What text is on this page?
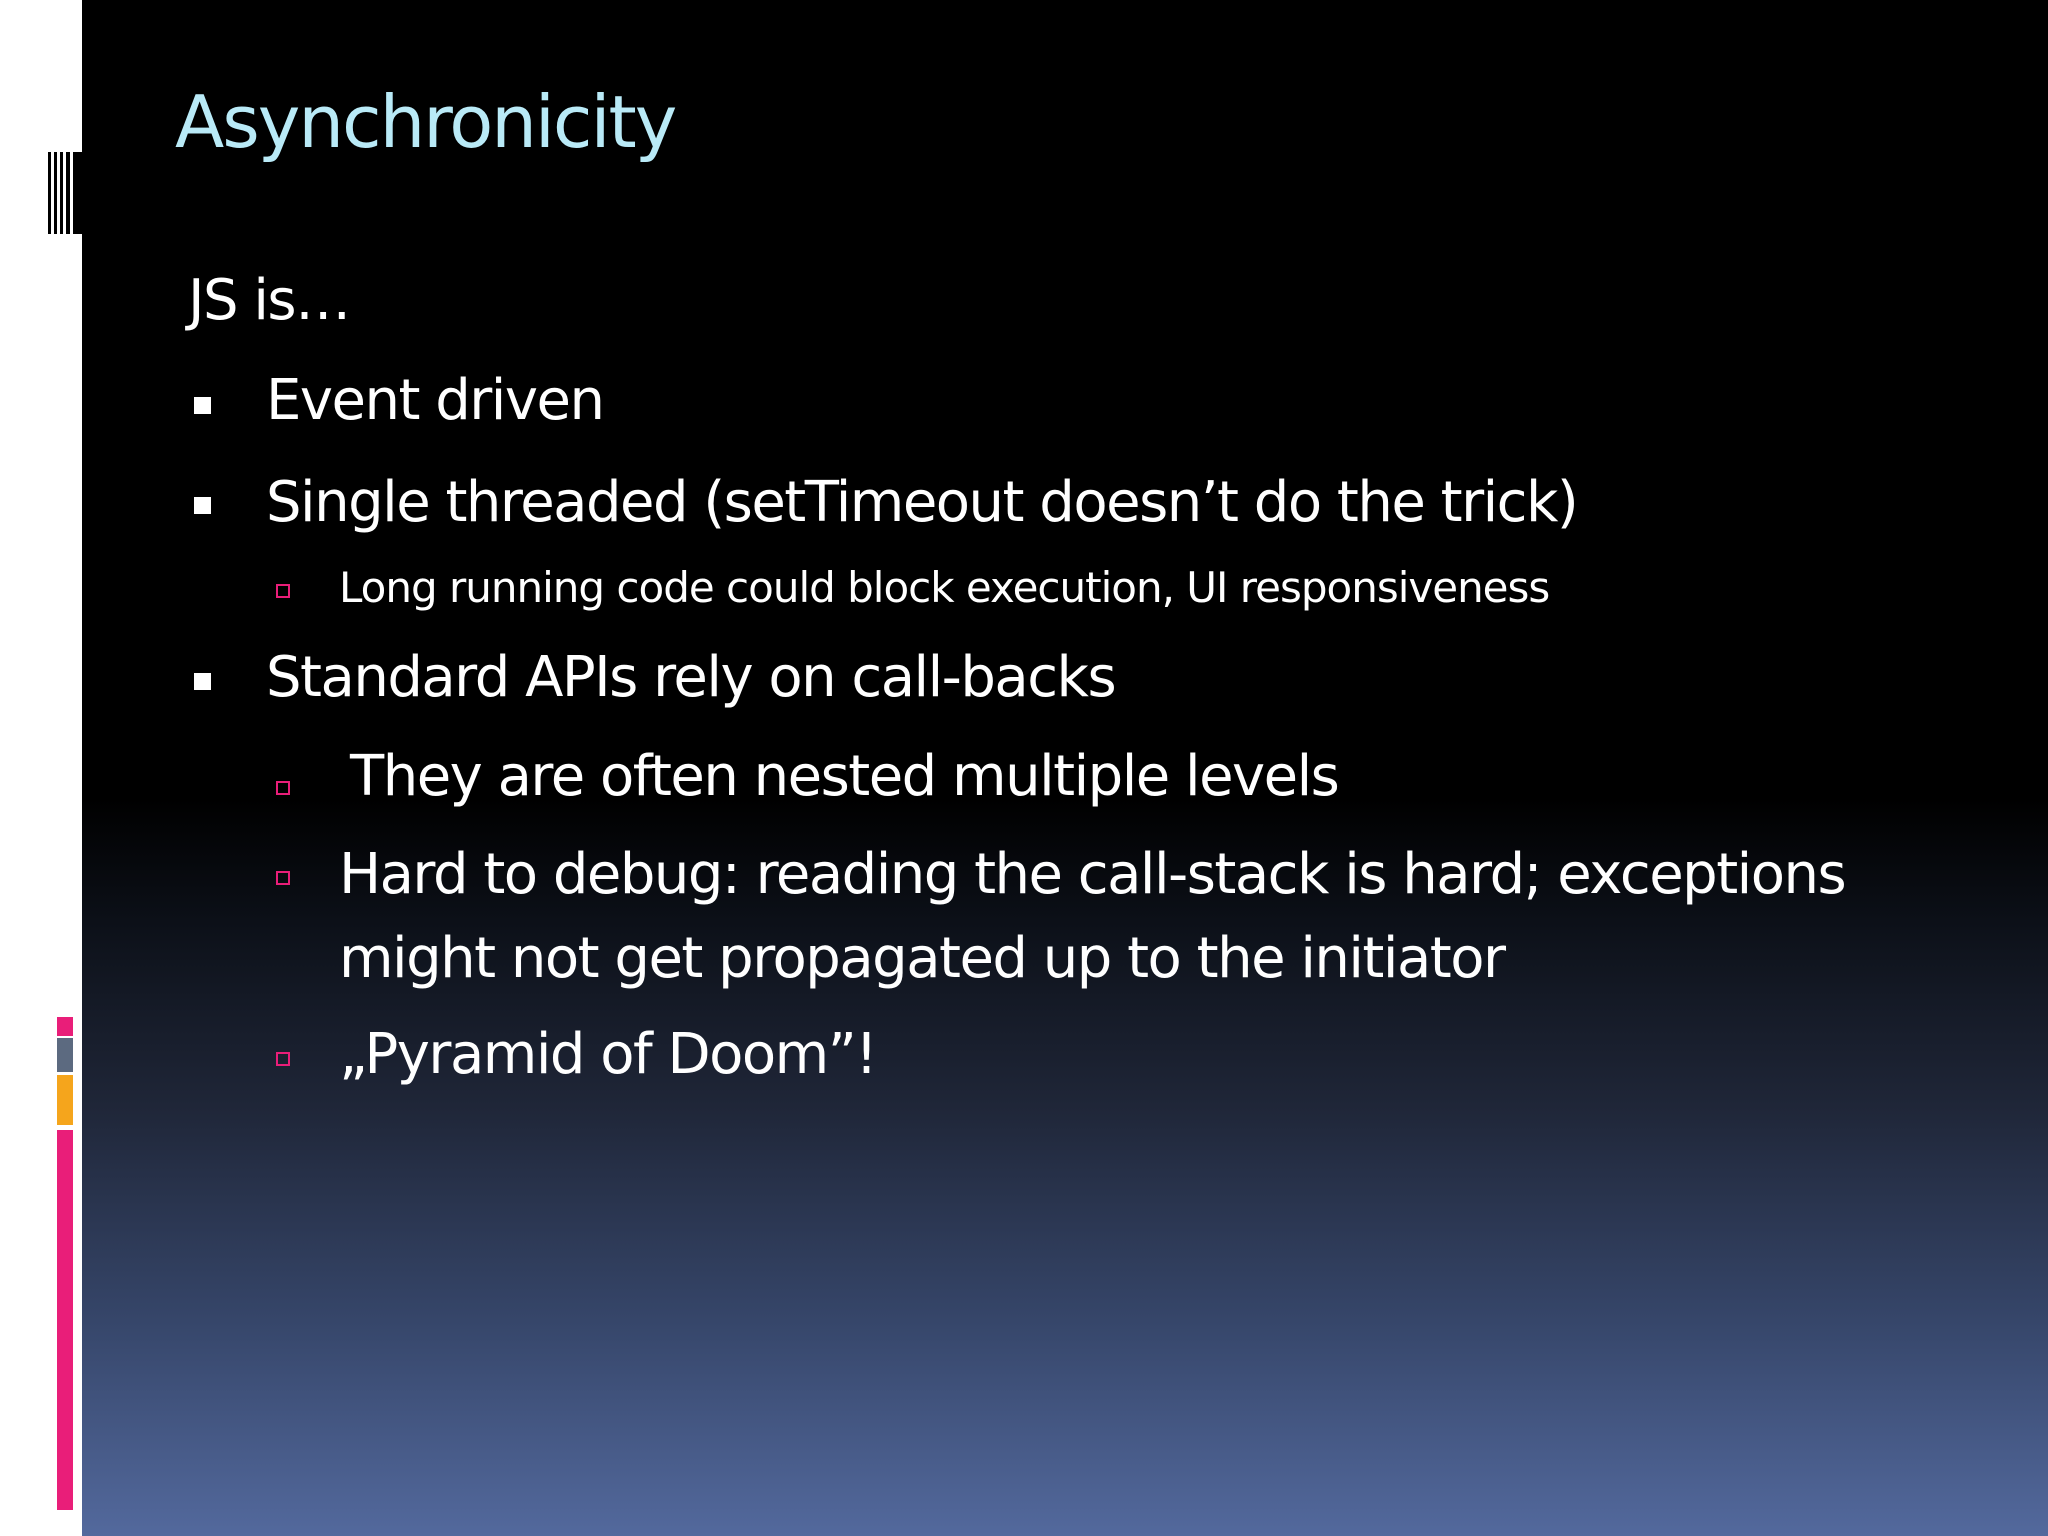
Asynchronicity
JS is…
Event driven
Single threaded (setTimeout doesn’t do the trick)
Long running code could block execution, UI responsiveness
Standard APIs rely on call-backs
They are often nested multiple levels
Hard to debug: reading the call-stack is hard; exceptions
might not get propagated up to the initiator
„Pyramid of Doom”!
